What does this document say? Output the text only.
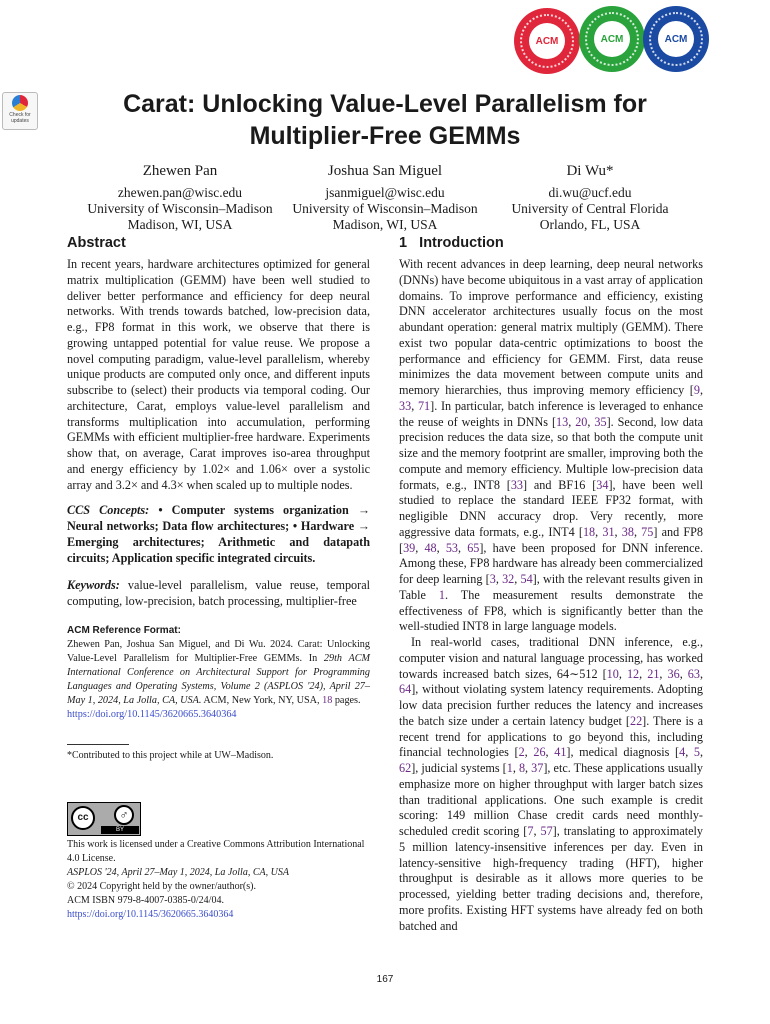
ACM	ACM	ACM
Check for
updates
Carat: Unlocking Value-Level Parallelism for
Multiplier-Free GEMMs
Zhewen Pan
zhewen.pan@wisc.edu
University of Wisconsin–Madison
Madison, WI, USA
Joshua San Miguel
jsanmiguel@wisc.edu
University of Wisconsin–Madison
Madison, WI, USA
Di Wu*
di.wu@ucf.edu
University of Central Florida
Orlando, FL, USA
Abstract	1 Introduction

In recent years, hardware architectures optimized for general matrix multiplication (GEMM) have been well studied to deliver better performance and efficiency for deep neural networks. With trends towards batched, low-precision data, e.g., FP8 format in this work, we observe that there is growing untapped potential for value reuse. We propose a novel computing paradigm, value-level parallelism, whereby unique products are computed only once, and different inputs subscribe to (select) their products via temporal coding. Our architecture, Carat, employs value-level parallelism and transforms multiplication into accumulation, performing GEMMs with efficient multiplier-free hardware. Experiments show that, on average, Carat improves iso-area throughput and energy efficiency by 1.02× and 1.06× over a systolic array and 3.2× and 4.3× when scaled up to multiple nodes.

CCS Concepts: • Computer systems organization → Neural networks; Data flow architectures; • Hardware → Emerging architectures; Arithmetic and datapath circuits; Application specific integrated circuits.

Keywords: value-level parallelism, value reuse, temporal computing, low-precision, batch processing, multiplier-free

ACM Reference Format:
Zhewen Pan, Joshua San Miguel, and Di Wu. 2024. Carat: Unlocking Value-Level Parallelism for Multiplier-Free GEMMs. In 29th ACM International Conference on Architectural Support for Programming Languages and Operating Systems, Volume 2 (ASPLOS '24), April 27–May 1, 2024, La Jolla, CA, USA. ACM, New York, NY, USA, 18 pages.
https://doi.org/10.1145/3620665.3640364
*Contributed to this project while at UW–Madison.
cc	♂
BY
This work is licensed under a Creative Commons Attribution International 4.0 License.
ASPLOS '24, April 27–May 1, 2024, La Jolla, CA, USA
© 2024 Copyright held by the owner/author(s).
ACM ISBN 979-8-4007-0385-0/24/04.
https://doi.org/10.1145/3620665.3640364

With recent advances in deep learning, deep neural networks (DNNs) have become ubiquitous in a vast array of application domains. To improve performance and efficiency, existing DNN accelerator architectures usually focus on the most abundant operation: general matrix multiply (GEMM). There exist two popular data-centric optimizations to boost the performance and efficiency for GEMM. First, data reuse minimizes the data movement between compute units and memory hierarchies, thus improving memory efficiency [9, 33, 71]. In particular, batch inference is leveraged to enhance the reuse of weights in DNNs [13, 20, 35]. Second, low data precision reduces the data size, so that both the compute unit size and the memory footprint are smaller, improving both the compute and memory efficiency. Multiple low-precision data formats, e.g., INT8 [33] and BF16 [34], have been well studied to replace the standard IEEE FP32 format, with negligible DNN accuracy drop. Very recently, more aggressive data formats, e.g., INT4 [18, 31, 38, 75] and FP8 [39, 48, 53, 65], have been proposed for DNN inference. Among these, FP8 hardware has already been commercialized for deep learning [3, 32, 54], with the relevant results given in Table 1. The measurement results demonstrate the effectiveness of FP8, which is significantly better than the well-studied INT8 in large language models.

In real-world cases, traditional DNN inference, e.g., computer vision and natural language processing, has worked towards increased batch sizes, 64∼512 [10, 12, 21, 36, 63, 64], without violating system latency requirements. Adopting low data precision further reduces the latency and increases the batch size under a certain latency budget [22]. There is a recent trend for applications to go beyond this, including financial technologies [2, 26, 41], medical diagnosis [4, 5, 62], judicial systems [1, 8, 37], etc. These applications usually emphasize more on higher throughput with larger batch sizes than traditional applications. One such example is credit scoring: 149 million Chase credit cards need monthly-scheduled credit scoring [7, 57], translating to approximately 5 million latency-insensitive inferences per day. Even in latency-sensitive high-frequency trading (HFT), higher throughput is desirable as it allows more queries to be processed, yielding better trading decisions and, therefore, more profits. Existing HFT systems have already fed on both batched and

167
